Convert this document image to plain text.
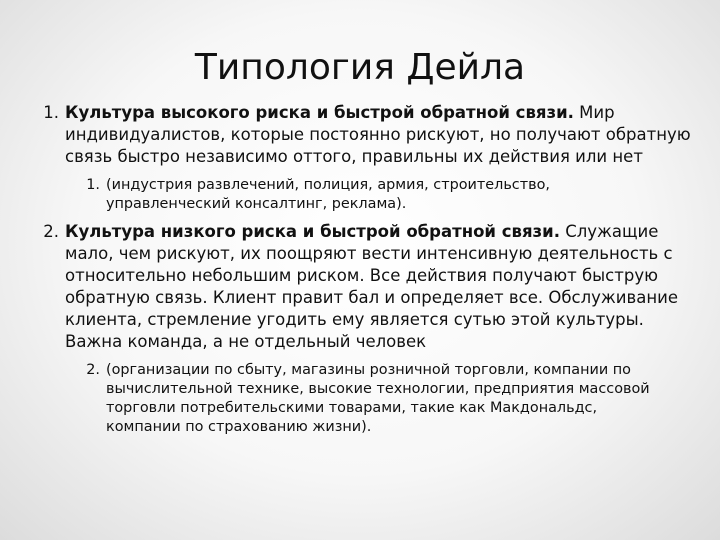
Типология Дейла
1. Культура высокого риска и быстрой обратной связи. Мир индивидуалистов, которые постоянно рискуют, но получают обратную связь быстро независимо оттого, правильны их действия или нет
1. (индустрия развлечений, полиция, армия, строительство, управленческий консалтинг, реклама).
2. Культура низкого риска и быстрой обратной связи. Служащие мало, чем рискуют, их поощряют вести интенсивную деятельность с относительно небольшим риском. Все действия получают быструю обратную связь. Клиент правит бал и определяет все. Обслуживание клиента, стремление угодить ему является сутью этой культуры. Важна команда, а не отдельный человек
2. (организации по сбыту, магазины розничной торговли, компании по вычислительной технике, высокие технологии, предприятия массовой торговли потребительскими товарами, такие как Макдональдс, компании по страхованию жизни).
